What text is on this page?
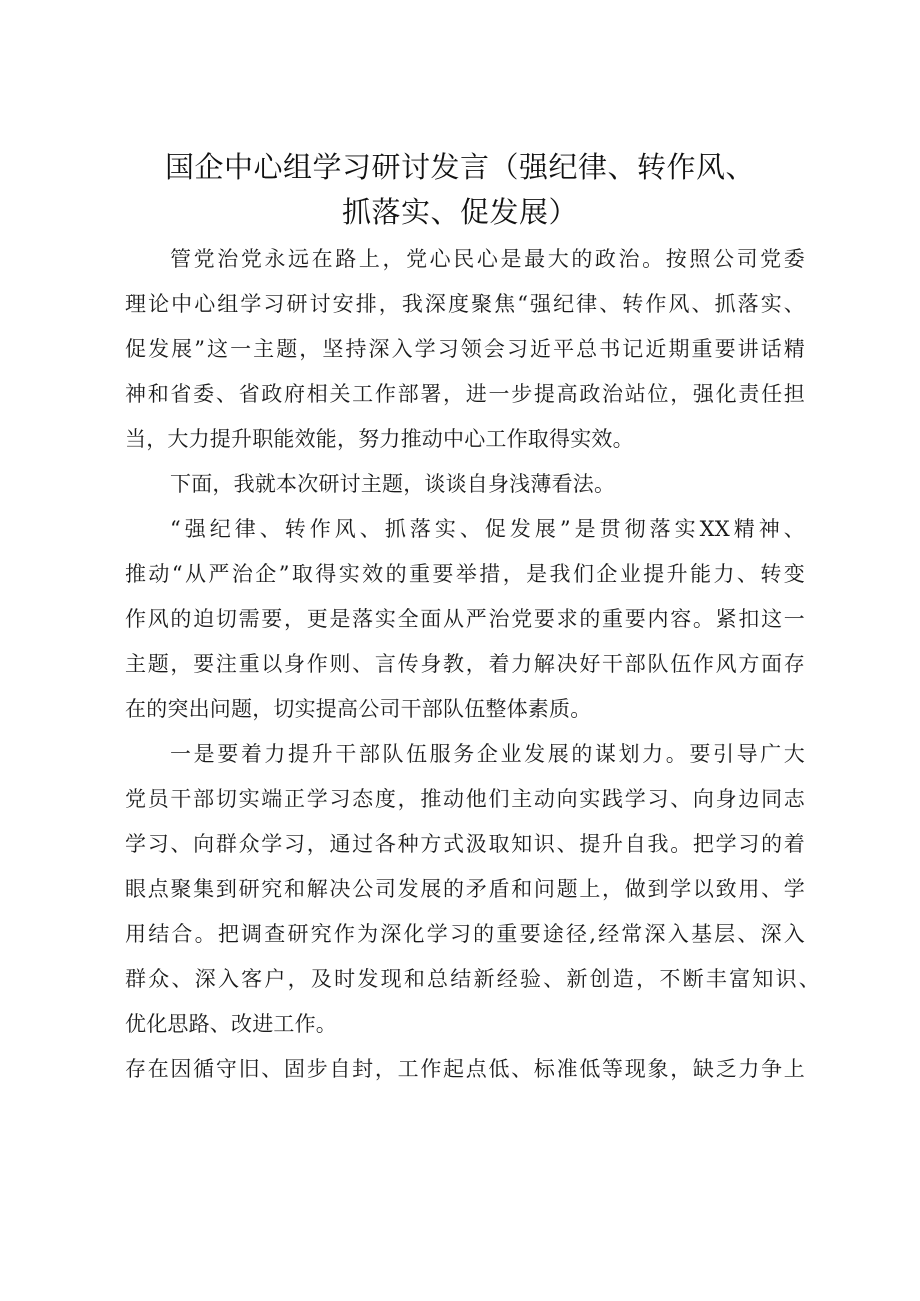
国企中心组学习研讨发言（强纪律、转作风、
抓落实、促发展）
管党治党永远在路上，党心民心是最大的政治。按照公司党委
理论中心组学习研讨安排，我深度聚焦“强纪律、转作风、抓落实、
促发展”这一主题，坚持深入学习领会习近平总书记近期重要讲话精
神和省委、省政府相关工作部署，进一步提高政治站位，强化责任担
当，大力提升职能效能，努力推动中心工作取得实效。
下面，我就本次研讨主题，谈谈自身浅薄看法。
“强纪律、转作风、抓落实、促发展”是贯彻落实XX精神、
推动“从严治企”取得实效的重要举措，是我们企业提升能力、转变
作风的迫切需要，更是落实全面从严治党要求的重要内容。紧扣这一
主题，要注重以身作则、言传身教，着力解决好干部队伍作风方面存
在的突出问题，切实提高公司干部队伍整体素质。
一是要着力提升干部队伍服务企业发展的谋划力。要引导广大
党员干部切实端正学习态度，推动他们主动向实践学习、向身边同志
学习、向群众学习，通过各种方式汲取知识、提升自我。把学习的着
眼点聚集到研究和解决公司发展的矛盾和问题上，做到学以致用、学
用结合。把调查研究作为深化学习的重要途径,经常深入基层、深入
群众、深入客户，及时发现和总结新经验、新创造，不断丰富知识、
优化思路、改进工作。
存在因循守旧、固步自封，工作起点低、标准低等现象，缺乏力争上
